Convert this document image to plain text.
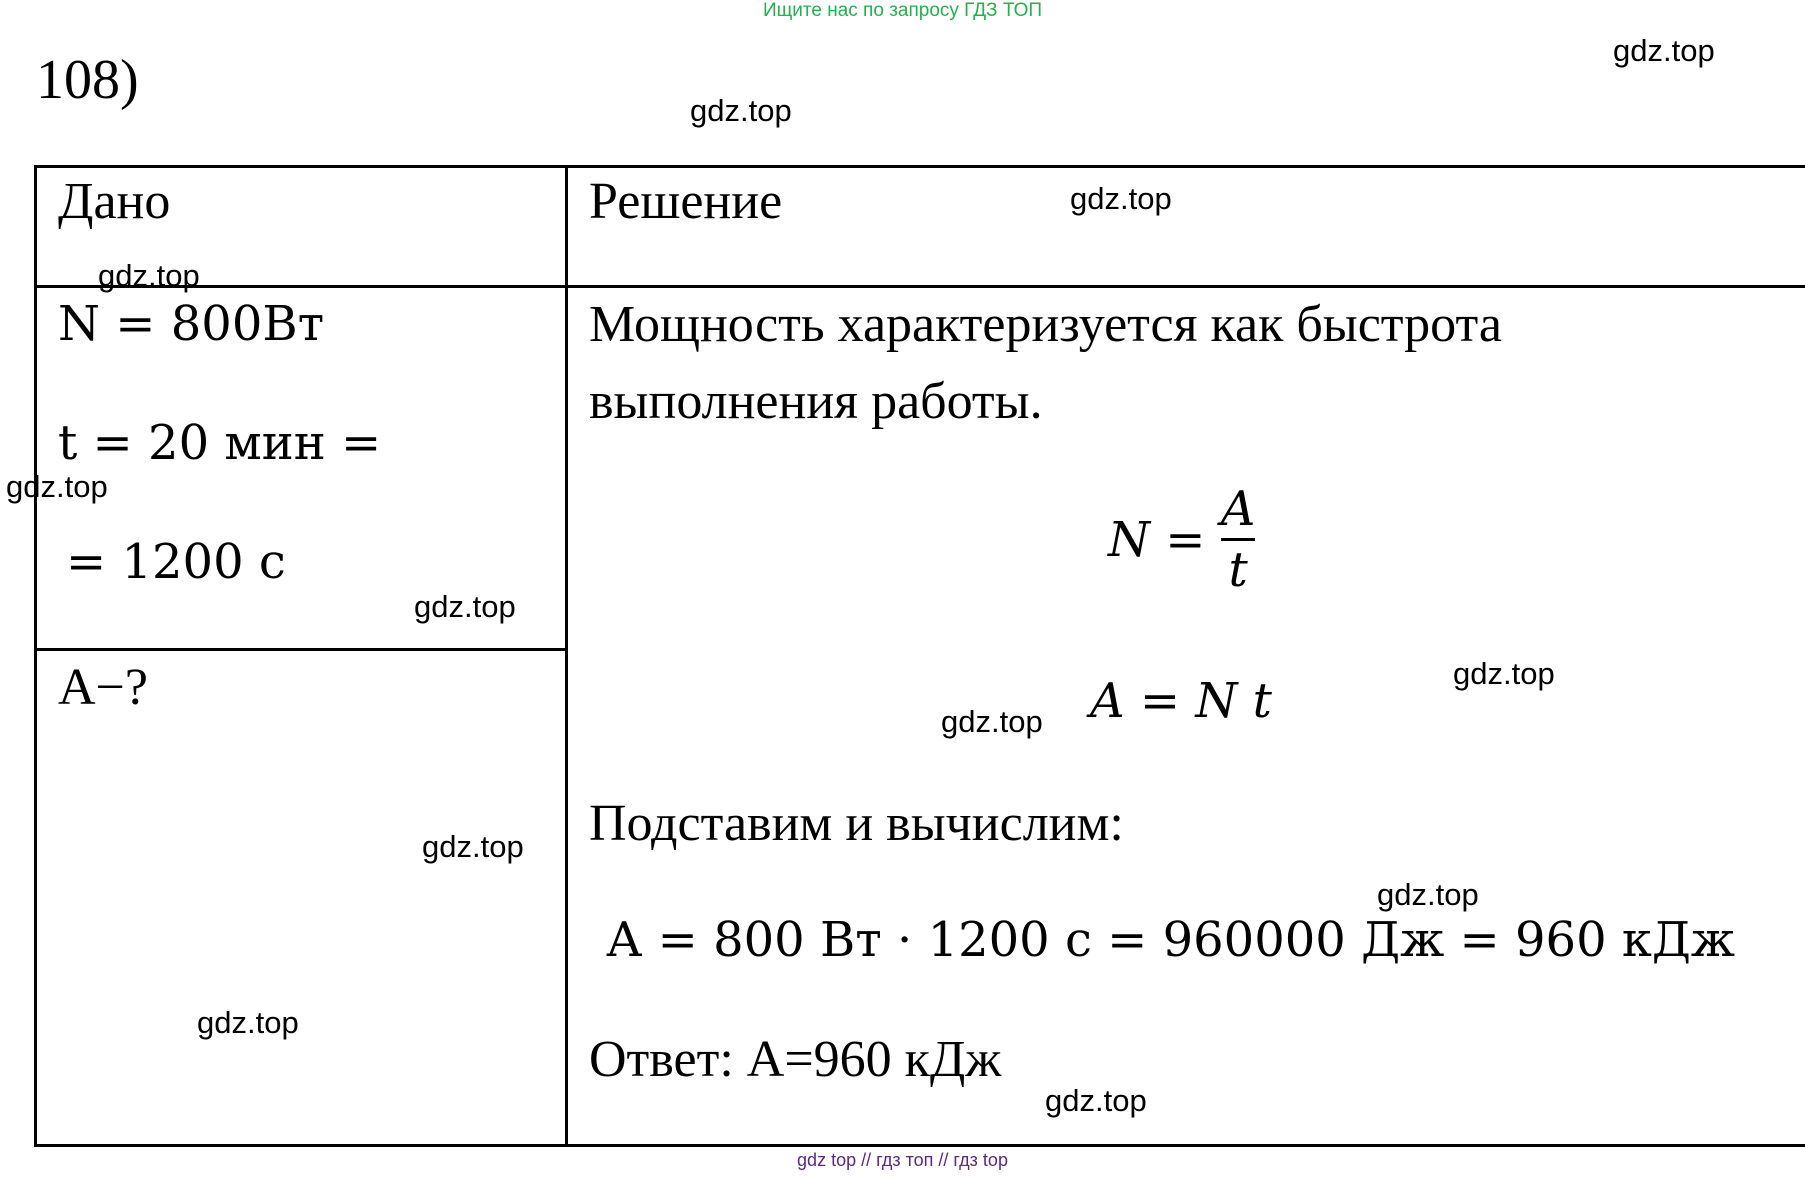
Ищите нас по запросу ГДЗ ТОП
108)
Дано	Решение
N = 800Вт
t = 20 мин =
= 1200 c
А−?
Мощность характеризуется как быстрота
выполнения работы.
$N = \frac{A}{t}$
A = N t
Подставим и вычислим:
А = 800 Вт · 1200 с = 960000 Дж = 960 кДж
Ответ: А=960 кДж
gdz.top
gdz.top
gdz.top
gdz.top
gdz.top
gdz.top
gdz.top
gdz.top
gdz.top
gdz.top
gdz.top
gdz.top
gdz top // гдз топ // гдз top
